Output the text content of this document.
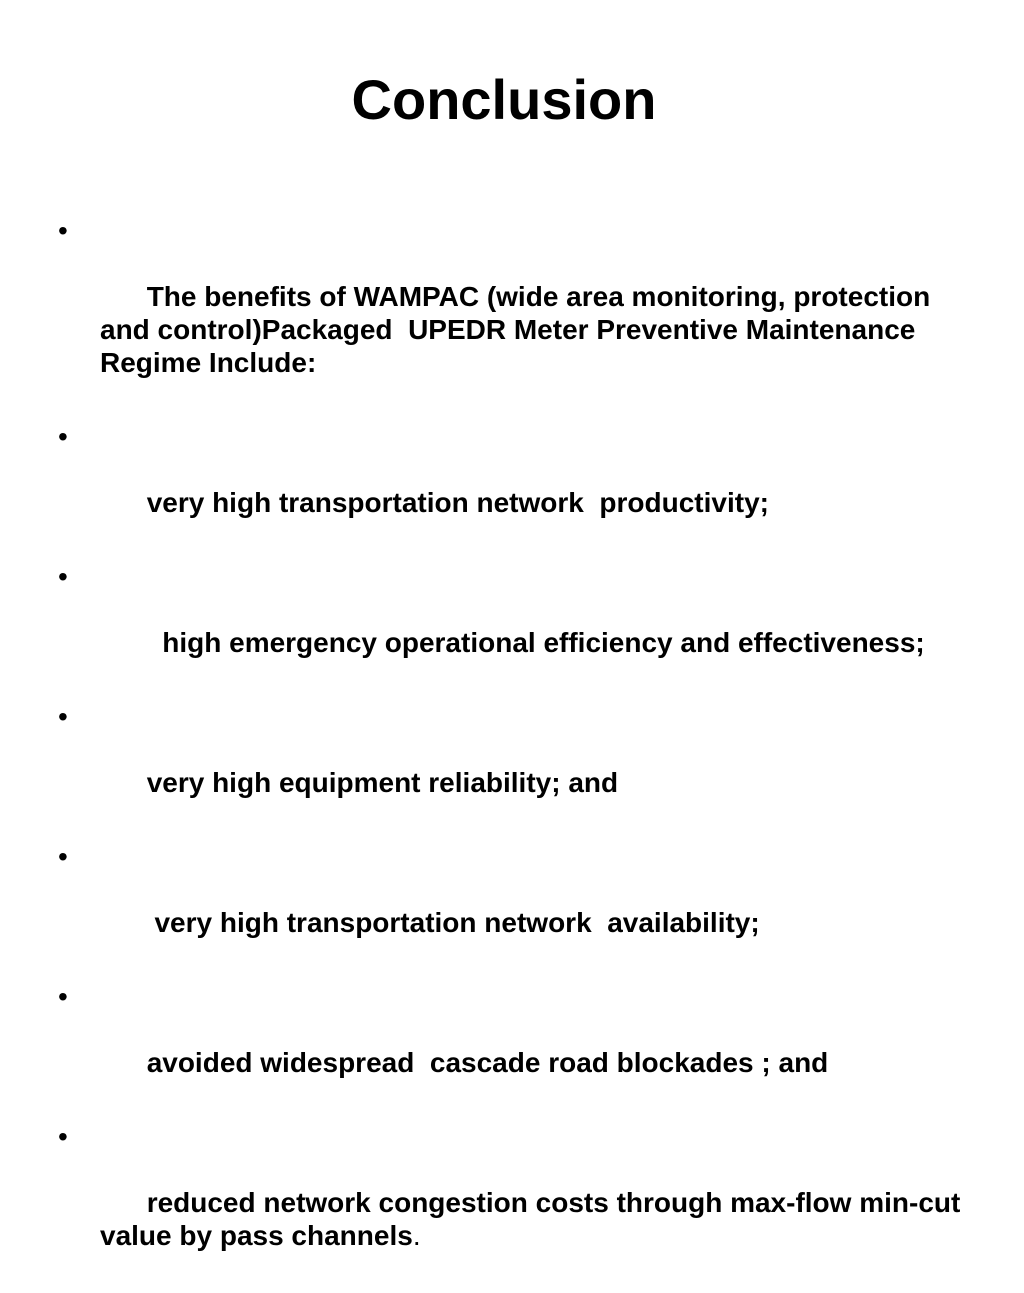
Conclusion

•

The benefits of WAMPAC (wide area monitoring, protection and control)Packaged  UPEDR Meter Preventive Maintenance Regime Include:

•

very high transportation network  productivity;

•

high emergency operational efficiency and effectiveness;

•

very high equipment reliability; and

•

very high transportation network  availability;

•

avoided widespread  cascade road blockades ; and

•

reduced network congestion costs through max-flow min-cut value by pass channels.
